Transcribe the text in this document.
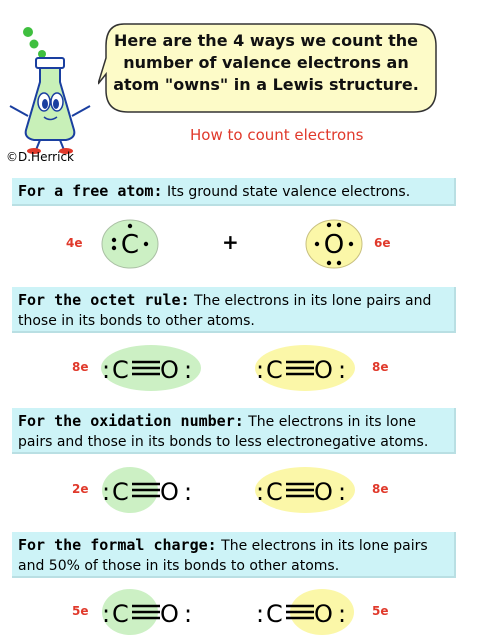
©D.Herrick
Here are the 4 ways we count the
number of valence electrons an
atom "owns" in a Lewis structure.
How to count electrons
For a free atom: Its ground state valence electrons.
4e	6e
C	+	O
For the octet rule: The electrons in its lone pairs and those in its bonds to other atoms.
8e	8e
For the oxidation number: The electrons in its lone pairs and those in its bonds to less electronegative atoms.
2e	8e
For the formal charge: The electrons in its lone pairs and 50% of those in its bonds to other atoms.
5e	5e
: C O :	: C O :
: C O :	: C O :
: C O :	: C O :
